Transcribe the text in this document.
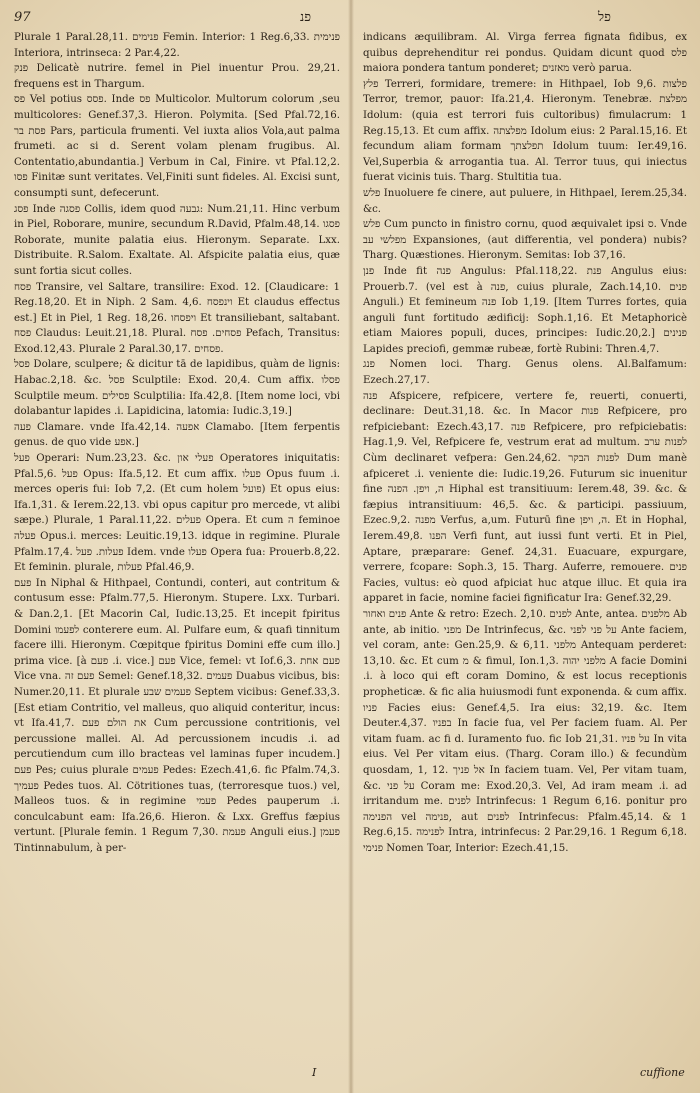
97	פנ	פל

Plurale 1 Paral.28,11. פנימים Femin. Interior: 1 Reg.6,33. פנימית Interiora, intrinseca: 2 Par.4,22.

פנק Delicatè nutrire. femel in Piel inuentur Prou. 29,21. frequens est in Thargum.

פס Vel potius פסס. Inde פס Multicolor. Multorum colorum ,seu multicolores: Genef.37,3. Hieron. Polymita. [Sed Pfal.72,16. פסת בר Pars, particula frumenti. Vel iuxta alios Vola,aut palma frumeti. ac si d. Serent volam plenam frugibus. Al. Contentatio,abundantia.] Verbum in Cal, Finire. vt Pfal.12,2. פסו Finitæ sunt veritates. Vel,Finiti sunt fideles. Al. Excisi sunt, consumpti sunt, defecerunt.

פסג Inde פסגה Collis, idem quod גבעה: Num.21,11. Hinc verbum in Piel, Roborare, munire, secundum R.David, Pfalm.48,14. פסגו Roborate, munite palatia eius. Hieronym. Separate. Lxx. Distribuite. R.Salom. Exaltate. Al. Afspicite palatia eius, quæ sunt fortia sicut colles.

פסח Transire, vel Saltare, transilire: Exod. 12. [Claudicare: 1 Reg.18,20. Et in Niph. 2 Sam. 4,6. וינפסח Et claudus effectus est.] Et in Piel, 1 Reg. 18,26. ויפסחו Et transiliebant, saltabant. פסח Claudus: Leuit.21,18. Plural. פסחים. פסח Pefach, Transitus: Exod.12,43. Plurale 2 Paral.30,17. פסחים.

פסל Dolare, sculpere; & dicitur tā de lapidibus, quàm de lignis: Habac.2,18. &c. פסל Sculptile: Exod. 20,4. Cum affix. פסלו Sculptile meum. פסילים Sculptilia: Ifa.42,8. [Item nome loci, vbi dolabantur lapides .i. Lapidicina, latomia: Iudic.3,19.]

פעה Clamare. vnde Ifa.42,14. אפעה Clamabo. [Item ferpentis genus. de quo vide אפע.]

פעל Operari: Num.23,23. &c. פעלי און Operatores iniquitatis: Pfal.5,6. פעל Opus: Ifa.5,12. Et cum affix. פעלו Opus fuum .i. merces operis fui: Iob 7,2. (Et cum holem פועל) Et opus eius: Ifa.1,31. & Ierem.22,13. vbi opus capitur pro mercede, vt alibi sæpe.) Plurale, 1 Paral.11,22. פעלים Opera. Et cum ה feminoe פעלה Opus.i. merces: Leuitic.19,13. idque in regimine. Plurale Pfalm.17,4. פעלות. פעל Idem. vnde פעלו Opera fua: Prouerb.8,22. Et feminin. plurale, פעלות Pfal.46,9.

פעם In Niphal & Hithpael, Contundi, conteri, aut contritum & contusum esse: Pfalm.77,5. Hieronym. Stupere. Lxx. Turbari. & Dan.2,1. [Et Macorin Cal, Iudic.13,25. Et incepit fpiritus Domini לפעמו conterere eum. Al. Pulfare eum, & quafi tinnitum facere illi. Hieronym. Cœpitque fpiritus Domini effe cum illo.] prima vice. [à פעם .i. vice.] פעם Vice, femel: vt Iof.6,3. פעם אחת Vice vna. פעם זה Semel: Genef.18,32. פעמים Duabus vicibus, bis: Numer.20,11. Et plurale פעמים שבע Septem vicibus: Genef.33,3. [Est etiam Contritio, vel malleus, quo aliquid conteritur, incus: vt Ifa.41,7. את הולם פעם Cum percussione contritionis, vel percussione mallei. Al. Ad percussionem incudis .i. ad percutiendum cum illo bracteas vel laminas fuper incudem.] פעם Pes; cuius plurale פעמים Pedes: Ezech.41,6. fic Pfalm.74,3. פעמיך Pedes tuos. Al. Cötritiones tuas, (terroresque tuos.) vel, Malleos tuos. & in regimine פעמי Pedes pauperum .i. conculcabunt eam: Ifa.26,6. Hieron. & Lxx. Greffus fæpius vertunt. [Plurale femin. 1 Regum 7,30. פעמת Anguli eius.] פעמן Tintinnabulum, à per-

indicans æquilibram. Al. Virga ferrea fignata fidibus, ex quibus deprehenditur rei pondus. Quidam dicunt quod פלס maiora pondera tantum ponderet; מאזנים verò parua.

פלץ Terreri, formidare, tremere: in Hithpael, Iob 9,6. פלצות Terror, tremor, pauor: Ifa.21,4. Hieronym. Tenebræ. מפלצת Idolum: (quia est terrori fuis cultoribus) fimulacrum: 1 Reg.15,13. Et cum affix. מפלצתה Idolum eius: 2 Paral.15,16. Et fecundum aliam formam תפלצתך Idolum tuum: Ier.49,16. Vel,Superbia & arrogantia tua. Al. Terror tuus, qui iniectus fuerat vicinis tuis. Tharg. Stultitia tua.

פלש Inuoluere fe cinere, aut puluere, in Hithpael, Ierem.25,34. &c.

פלש Cum puncto in finistro cornu, quod æquivalet ipsi ס. Vnde מפלשי עב Expansiones, (aut differentia, vel pondera) nubis? Tharg. Quæstiones. Hieronym. Semitas: Iob 37,16.

פנן Inde fit פנה Angulus: Pfal.118,22. פנת Angulus eius: Prouerb.7. (vel est à פנה, cuius plurale, Zach.14,10. פנים Anguli.) Et femineum פנה Iob 1,19. [Item Turres fortes, quia anguli funt fortitudo ædificij: Soph.1,16. Et Metaphoricè etiam Maiores populi, duces, principes: Iudic.20,2.] פנינים Lapides preciofi, gemmæ rubeæ, fortè Rubini: Thren.4,7.

פנג Nomen loci. Tharg. Genus olens. Al.Balfamum: Ezech.27,17.

פנה Afspicere, refpicere, vertere fe, reuerti, conuerti, declinare: Deut.31,18. &c. In Macor פנות Refpicere, pro refpiciebant: Ezech.43,17. פנה Refpicere, pro refpiciebatis: Hag.1,9. Vel, Refpicere fe, vestrum erat ad multum. לפנות ערב Cùm declinaret vefpera: Gen.24,62. לפנות הבקר Dum manè afpiceret .i. veniente die: Iudic.19,26. Futurum sic inuenitur fine ה, ויפן. הפנה Hiphal est transitiuum: Ierem.48, 39. &c. & fæpius intransitiuum: 46,5. &c. & participi. passiuum, Ezec.9,2. מפנה Verfus, a,um. Futurū fine ה, ויפן. Et in Hophal, Ierem.49,8. הפנו Verfi funt, aut iussi funt verti. Et in Piel, Aptare, præparare: Genef. 24,31. Euacuare, expurgare, verrere, fcopare: Soph.3, 15. Tharg. Auferre, remouere. פנים Facies, vultus: eò quod afpiciat huc atque illuc. Et quia ira apparet in facie, nomine faciei fignificatur Ira: Genef.32,29.

פנים ואחור Ante & retro: Ezech. 2,10. לפנים Ante, antea. מלפנים Ab ante, ab initio. מפני De Intrinfecus, &c. על פני לפני Ante faciem, vel coram, ante: Gen.25,9. & 6,11. מלפני Antequam perderet: 13,10. &c. Et cum מ & fimul, Ion.1,3. מלפני יהוה A facie Domini .i. à loco qui eft coram Domino, & est locus receptionis propheticæ. & fic alia huiusmodi funt exponenda. & cum affix. פניו Facies eius: Genef.4,5. Ira eius: 32,19. &c. Item Deuter.4,37. בפניו In facie fua, vel Per faciem fuam. Al. Per vitam fuam. ac fi d. Iuramento fuo. fic Iob 21,31. על פניו In vita eius. Vel Per vitam eius. (Tharg. Coram illo.) & fecundùm quosdam, 1, 12. אל פניך In faciem tuam. Vel, Per vitam tuam, &c. על פני Coram me: Exod.20,3. Vel, Ad iram meam .i. ad irritandum me. לפנים Intrinfecus: 1 Regum 6,16. ponitur pro הפנימה vel פנימה, aut לפנים Intrinfecus: Pfalm.45,14. & 1 Reg.6,15. לפנימה Intra, intrinfecus: 2 Par.29,16. 1 Regum 6,18. פנימי Nomen Toar, Interior: Ezech.41,15.

I	cuffione
